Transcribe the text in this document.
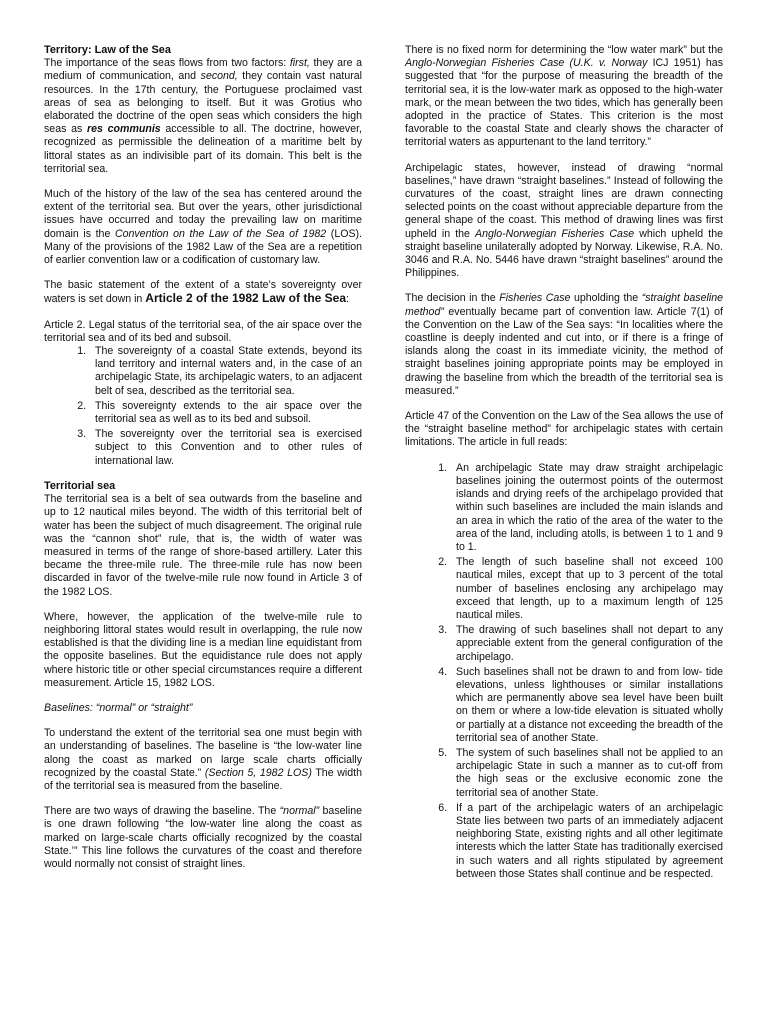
Territory: Law of the Sea

The importance of the seas flows from two factors: first, they are a medium of communication, and second, they contain vast natural resources. In the 17th century, the Portuguese proclaimed vast areas of sea as belonging to itself. But it was Grotius who elaborated the doctrine of the open seas which considers the high seas as res communis accessible to all. The doctrine, however, recognized as permissible the delineation of a maritime belt by littoral states as an indivisible part of its domain. This belt is the territorial sea.

Much of the history of the law of the sea has centered around the extent of the territorial sea. But over the years, other jurisdictional issues have occurred and today the prevailing law on maritime domain is the Convention on the Law of the Sea of 1982 (LOS). Many of the provisions of the 1982 Law of the Sea are a repetition of earlier convention law or a codification of customary law.

The basic statement of the extent of a state’s sovereignty over waters is set down in Article 2 of the 1982 Law of the Sea:

Article 2. Legal status of the territorial sea, of the air space over the territorial sea and of its bed and subsoil.

1. The sovereignty of a coastal State extends, beyond its land territory and internal waters and, in the case of an archipelagic State, its archipelagic waters, to an adjacent belt of sea, described as the territorial sea.
2. This sovereignty extends to the air space over the territorial sea as well as to its bed and subsoil.
3. The sovereignty over the territorial sea is exercised subject to this Convention and to other rules of international law.
Territorial sea

The territorial sea is a belt of sea outwards from the baseline and up to 12 nautical miles beyond. The width of this territorial belt of water has been the subject of much disagreement. The original rule was the “cannon shot” rule, that is, the width of water was measured in terms of the range of shore-based artillery. Later this became the three-mile rule. The three-mile rule has now been discarded in favor of the twelve-mile rule now found in Article 3 of the 1982 LOS.

Where, however, the application of the twelve-mile rule to neighboring littoral states would result in overlapping, the rule now established is that the dividing line is a median line equidistant from the opposite baselines. But the equidistance rule does not apply where historic title or other special circumstances require a different measurement. Article 15, 1982 LOS.

Baselines: “normal” or “straight”

To understand the extent of the territorial sea one must begin with an understanding of baselines. The baseline is “the low-water line along the coast as marked on large scale charts officially recognized by the coastal State.” (Section 5, 1982 LOS) The width of the territorial sea is measured from the baseline.

There are two ways of drawing the baseline. The “normal” baseline is one drawn following “the low-water line along the coast as marked on large-scale charts officially recognized by the coastal State.’” This line follows the curvatures of the coast and therefore would normally not consist of straight lines.

There is no fixed norm for determining the “low water mark” but the Anglo-Norwegian Fisheries Case (U.K. v. Norway ICJ 1951) has suggested that “for the purpose of measuring the breadth of the territorial sea, it is the low-water mark as opposed to the high-water mark, or the mean between the two tides, which has generally been adopted in the practice of States. This criterion is the most favorable to the coastal State and clearly shows the character of territorial waters as appurtenant to the land territory.”

Archipelagic states, however, instead of drawing “normal baselines,” have drawn “straight baselines.” Instead of following the curvatures of the coast, straight lines are drawn connecting selected points on the coast without appreciable departure from the general shape of the coast. This method of drawing lines was first upheld in the Anglo-Norwegian Fisheries Case which upheld the straight baseline unilaterally adopted by Norway. Likewise, R.A. No. 3046 and R.A. No. 5446 have drawn “straight baselines” around the Philippines.

The decision in the Fisheries Case upholding the “straight baseline method” eventually became part of convention law. Article 7(1) of the Convention on the Law of the Sea says: “In localities where the coastline is deeply indented and cut into, or if there is a fringe of islands along the coast in its immediate vicinity, the method of straight baselines joining appropriate points may be employed in drawing the baseline from which the breadth of the territorial sea is measured.”

Article 47 of the Convention on the Law of the Sea allows the use of the “straight baseline method” for archipelagic states with certain limitations. The article in full reads:

1. An archipelagic State may draw straight archipelagic baselines joining the outermost points of the outermost islands and drying reefs of the archipelago provided that within such baselines are included the main islands and an area in which the ratio of the area of the water to the area of the land, including atolls, is between 1 to 1 and 9 to 1.
2. The length of such baseline shall not exceed 100 nautical miles, except that up to 3 percent of the total number of baselines enclosing any archipelago may exceed that length, up to a maximum length of 125 nautical miles.
3. The drawing of such baselines shall not depart to any appreciable extent from the general configuration of the archipelago.
4. Such baselines shall not be drawn to and from low- tide elevations, unless lighthouses or similar installations which are permanently above sea level have been built on them or where a low-tide elevation is situated wholly or partially at a distance not exceeding the breadth of the territorial sea of another State.
5. The system of such baselines shall not be applied to an archipelagic State in such a manner as to cut-off from the high seas or the exclusive economic zone the territorial sea of another State.
6. If a part of the archipelagic waters of an archipelagic State lies between two parts of an immediately adjacent neighboring State, existing rights and all other legitimate interests which the latter State has traditionally exercised in such waters and all rights stipulated by agreement between those States shall continue and be respected.
